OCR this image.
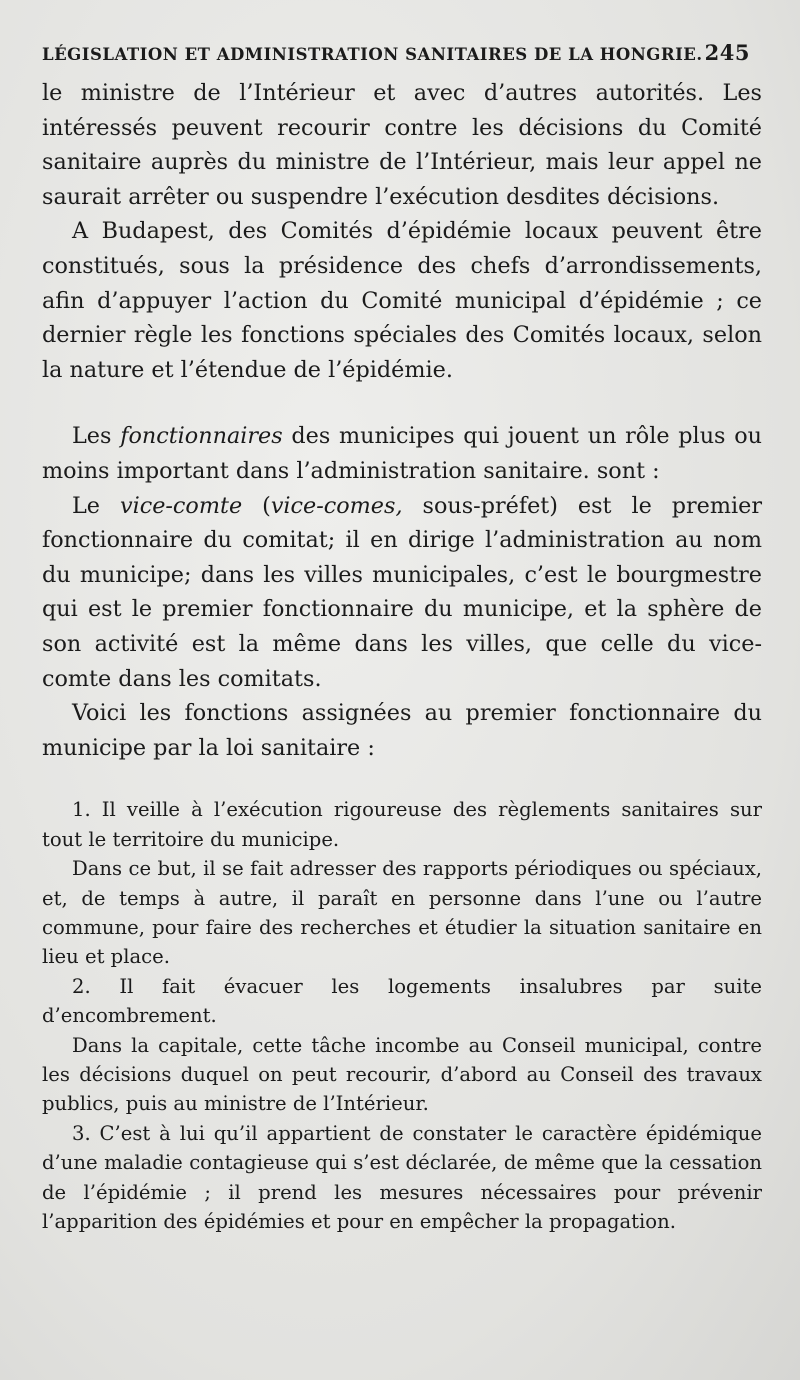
LÉGISLATION ET ADMINISTRATION SANITAIRES DE LA HONGRIE. 245

le ministre de l’Intérieur et avec d’autres autorités. Les intéressés peuvent recourir contre les décisions du Comité sanitaire auprès du ministre de l’Intérieur, mais leur appel ne saurait arrêter ou suspendre l’exécution desdites décisions.

A Budapest, des Comités d’épidémie locaux peuvent être constitués, sous la présidence des chefs d’arrondissements, afin d’appuyer l’action du Comité municipal d’épidémie ; ce dernier règle les fonctions spéciales des Comités locaux, selon la nature et l’étendue de l’épidémie.

Les fonctionnaires des municipes qui jouent un rôle plus ou moins important dans l’administration sanitaire. sont :

Le vice-comte (vice-comes, sous-préfet) est le premier fonctionnaire du comitat; il en dirige l’administration au nom du municipe; dans les villes municipales, c’est le bourgmestre qui est le premier fonctionnaire du municipe, et la sphère de son activité est la même dans les villes, que celle du vice-comte dans les comitats.

Voici les fonctions assignées au premier fonctionnaire du municipe par la loi sanitaire :

1. Il veille à l’exécution rigoureuse des règlements sanitaires sur tout le territoire du municipe.

Dans ce but, il se fait adresser des rapports périodiques ou spéciaux, et, de temps à autre, il paraît en personne dans l’une ou l’autre commune, pour faire des recherches et étudier la situation sanitaire en lieu et place.

2. Il fait évacuer les logements insalubres par suite d’encombrement.

Dans la capitale, cette tâche incombe au Conseil municipal, contre les décisions duquel on peut recourir, d’abord au Conseil des travaux publics, puis au ministre de l’Intérieur.

3. C’est à lui qu’il appartient de constater le caractère épidémique d’une maladie contagieuse qui s’est déclarée, de même que la cessation de l’épidémie ; il prend les mesures nécessaires pour prévenir l’apparition des épidémies et pour en empêcher la propagation.
